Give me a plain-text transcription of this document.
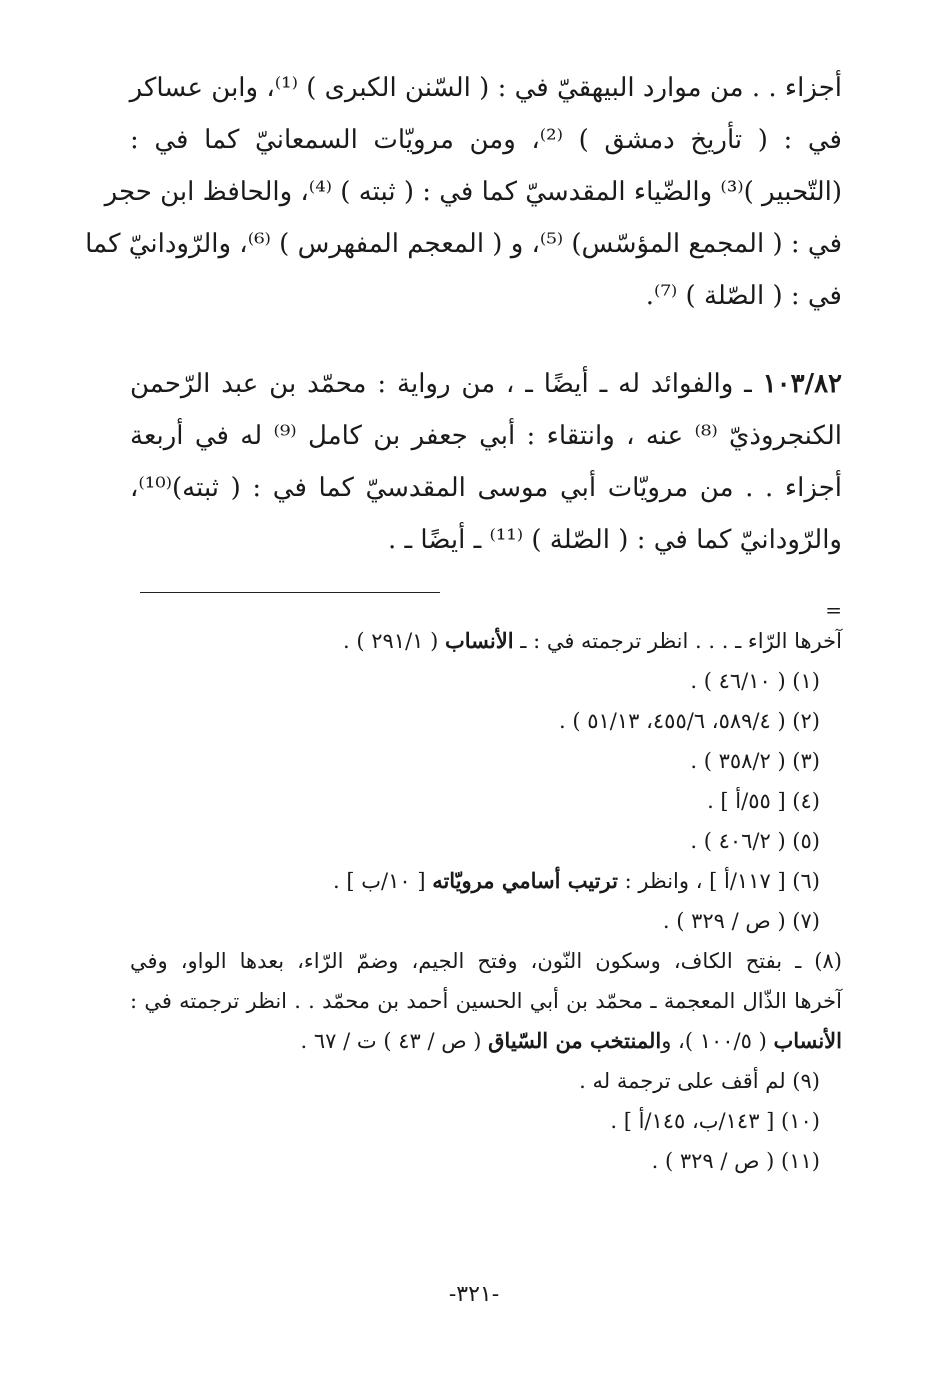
أجزاء . . من موارد البيهقيّ في : ( السّنن الكبرى ) ⁽¹⁾، وابن عساكر
في : ( تأريخ دمشق ) ⁽²⁾، ومن مرويّات السمعانيّ كما في :
(التّحبير )⁽³⁾ والضّياء المقدسيّ كما في : ( ثبته ) ⁽⁴⁾، والحافظ ابن حجر
في : ( المجمع المؤسّس) ⁽⁵⁾، و ( المعجم المفهرس ) ⁽⁶⁾، والرّودانيّ كما
في : ( الصّلة ) ⁽⁷⁾.
١٠٣/٨٢ ـ والفوائد له ـ أيضًا ـ ، من رواية : محمّد بن عبد الرّحمن
الكنجروذيّ ⁽⁸⁾ عنه ، وانتقاء : أبي جعفر بن كامل ⁽⁹⁾ له في أربعة
أجزاء . . من مرويّات أبي موسى المقدسيّ كما في : ( ثبته)⁽¹⁰⁾،
والرّودانيّ كما في : ( الصّلة ) ⁽¹¹⁾ ـ أيضًا ـ .
=
آخرها الرّاء ـ . . . انظر ترجمته في : ـ الأنساب ( ٢٩١/١ ) .
(١) ( ٤٦/١٠ ) .
(٢) ( ٥٨٩/٤، ٤٥٥/٦، ٥١/١٣ ) .
(٣) ( ٣٥٨/٢ ) .
(٤) [ ٥٥/أ ] .
(٥) ( ٤٠٦/٢ ) .
(٦) [ ١١٧/أ ] ، وانظر : ترتيب أسامي مرويّاته [ ١٠/ب ] .
(٧) ( ص / ٣٢٩ ) .
(٨) ـ بفتح الكاف، وسكون النّون، وفتح الجيم، وضمّ الرّاء، بعدها الواو، وفي
آخرها الذّال المعجمة ـ محمّد بن أبي الحسين أحمد بن محمّد . . انظر ترجمته في :
الأنساب ( ١٠٠/٥ )، والمنتخب من السّياق ( ص / ٤٣ ) ت / ٦٧ .
(٩) لم أقف على ترجمة له .
(١٠) [ ١٤٣/ب، ١٤٥/أ ] .
(١١) ( ص / ٣٢٩ ) .
-٣٢١-
